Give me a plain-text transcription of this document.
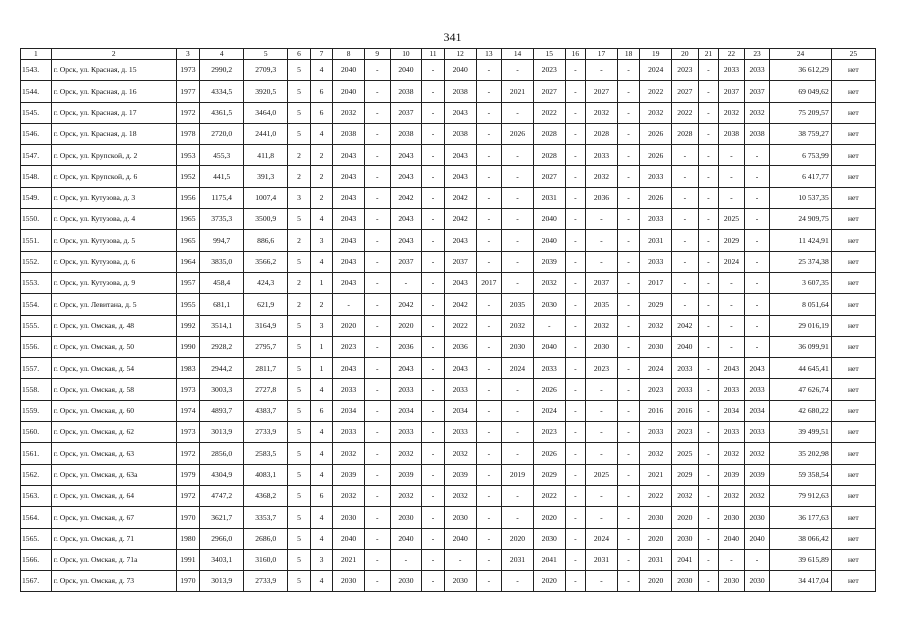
341
1	2	3	4	5	6	7	8	9	10	11	12	13	14	15	16	17	18	19	20	21	22	23	24	25
1543.	г. Орск, ул. Красная, д. 15	1973	2990,2	2709,3	5	4	2040	-	2040	-	2040	-	-	2023	-	-	-	2024	2023	-	2033	2033	36 612,29	нет
1544.	г. Орск, ул. Красная, д. 16	1977	4334,5	3920,5	5	6	2040	-	2038	-	2038	-	2021	2027	-	2027	-	2022	2027	-	2037	2037	69 049,62	нет
1545.	г. Орск, ул. Красная, д. 17	1972	4361,5	3464,0	5	6	2032	-	2037	-	2043	-	-	2022	-	2032	-	2032	2022	-	2032	2032	75 209,57	нет
1546.	г. Орск, ул. Красная, д. 18	1978	2720,0	2441,0	5	4	2038	-	2038	-	2038	-	2026	2028	-	2028	-	2026	2028	-	2038	2038	38 759,27	нет
1547.	г. Орск, ул. Крупской, д. 2	1953	455,3	411,8	2	2	2043	-	2043	-	2043	-	-	2028	-	2033	-	2026	-	-	-	-	6 753,99	нет
1548.	г. Орск, ул. Крупской, д. 6	1952	441,5	391,3	2	2	2043	-	2043	-	2043	-	-	2027	-	2032	-	2033	-	-	-	-	6 417,77	нет
1549.	г. Орск, ул. Кутузова, д. 3	1956	1175,4	1007,4	3	2	2043	-	2042	-	2042	-	-	2031	-	2036	-	2026	-	-	-	-	10 537,35	нет
1550.	г. Орск, ул. Кутузова, д. 4	1965	3735,3	3500,9	5	4	2043	-	2043	-	2042	-	-	2040	-	-	-	2033	-	-	2025	-	24 909,75	нет
1551.	г. Орск, ул. Кутузова, д. 5	1965	994,7	886,6	2	3	2043	-	2043	-	2043	-	-	2040	-	-	-	2031	-	-	2029	-	11 424,91	нет
1552.	г. Орск, ул. Кутузова, д. 6	1964	3835,0	3566,2	5	4	2043	-	2037	-	2037	-	-	2039	-	-	-	2033	-	-	2024	-	25 374,38	нет
1553.	г. Орск, ул. Кутузова, д. 9	1957	458,4	424,3	2	1	2043	-	-	-	2043	2017	-	2032	-	2037	-	2017	-	-	-	-	3 607,35	нет
1554.	г. Орск, ул. Левитана, д. 5	1955	681,1	621,9	2	2	-	-	2042	-	2042	-	2035	2030	-	2035	-	2029	-	-	-	-	8 051,64	нет
1555.	г. Орск, ул. Омская, д. 48	1992	3514,1	3164,9	5	3	2020	-	2020	-	2022	-	2032	-	-	2032	-	2032	2042	-	-	-	29 016,19	нет
1556.	г. Орск, ул. Омская, д. 50	1990	2928,2	2795,7	5	1	2023	-	2036	-	2036	-	2030	2040	-	2030	-	2030	2040	-	-	-	36 099,91	нет
1557.	г. Орск, ул. Омская, д. 54	1983	2944,2	2811,7	5	1	2043	-	2043	-	2043	-	2024	2033	-	2023	-	2024	2033	-	2043	2043	44 645,41	нет
1558.	г. Орск, ул. Омская, д. 58	1973	3003,3	2727,8	5	4	2033	-	2033	-	2033	-	-	2026	-	-	-	2023	2033	-	2033	2033	47 626,74	нет
1559.	г. Орск, ул. Омская, д. 60	1974	4893,7	4383,7	5	6	2034	-	2034	-	2034	-	-	2024	-	-	-	2016	2016	-	2034	2034	42 680,22	нет
1560.	г. Орск, ул. Омская, д. 62	1973	3013,9	2733,9	5	4	2033	-	2033	-	2033	-	-	2023	-	-	-	2033	2023	-	2033	2033	39 499,51	нет
1561.	г. Орск, ул. Омская, д. 63	1972	2856,0	2583,5	5	4	2032	-	2032	-	2032	-	-	2026	-	-	-	2032	2025	-	2032	2032	35 202,98	нет
1562.	г. Орск, ул. Омская, д. 63а	1979	4304,9	4083,1	5	4	2039	-	2039	-	2039	-	2019	2029	-	2025	-	2021	2029	-	2039	2039	59 358,54	нет
1563.	г. Орск, ул. Омская, д. 64	1972	4747,2	4368,2	5	6	2032	-	2032	-	2032	-	-	2022	-	-	-	2022	2032	-	2032	2032	79 912,63	нет
1564.	г. Орск, ул. Омская, д. 67	1970	3621,7	3353,7	5	4	2030	-	2030	-	2030	-	-	2020	-	-	-	2030	2020	-	2030	2030	36 177,63	нет
1565.	г. Орск, ул. Омская, д. 71	1980	2966,0	2686,0	5	4	2040	-	2040	-	2040	-	2020	2030	-	2024	-	2020	2030	-	2040	2040	38 066,42	нет
1566.	г. Орск, ул. Омская, д. 71а	1991	3403,1	3160,0	5	3	2021	-	-	-	-	-	2031	2041	-	2031	-	2031	2041	-	-	-	39 615,89	нет
1567.	г. Орск, ул. Омская, д. 73	1970	3013,9	2733,9	5	4	2030	-	2030	-	2030	-	-	2020	-	-	-	2020	2030	-	2030	2030	34 417,04	нет
